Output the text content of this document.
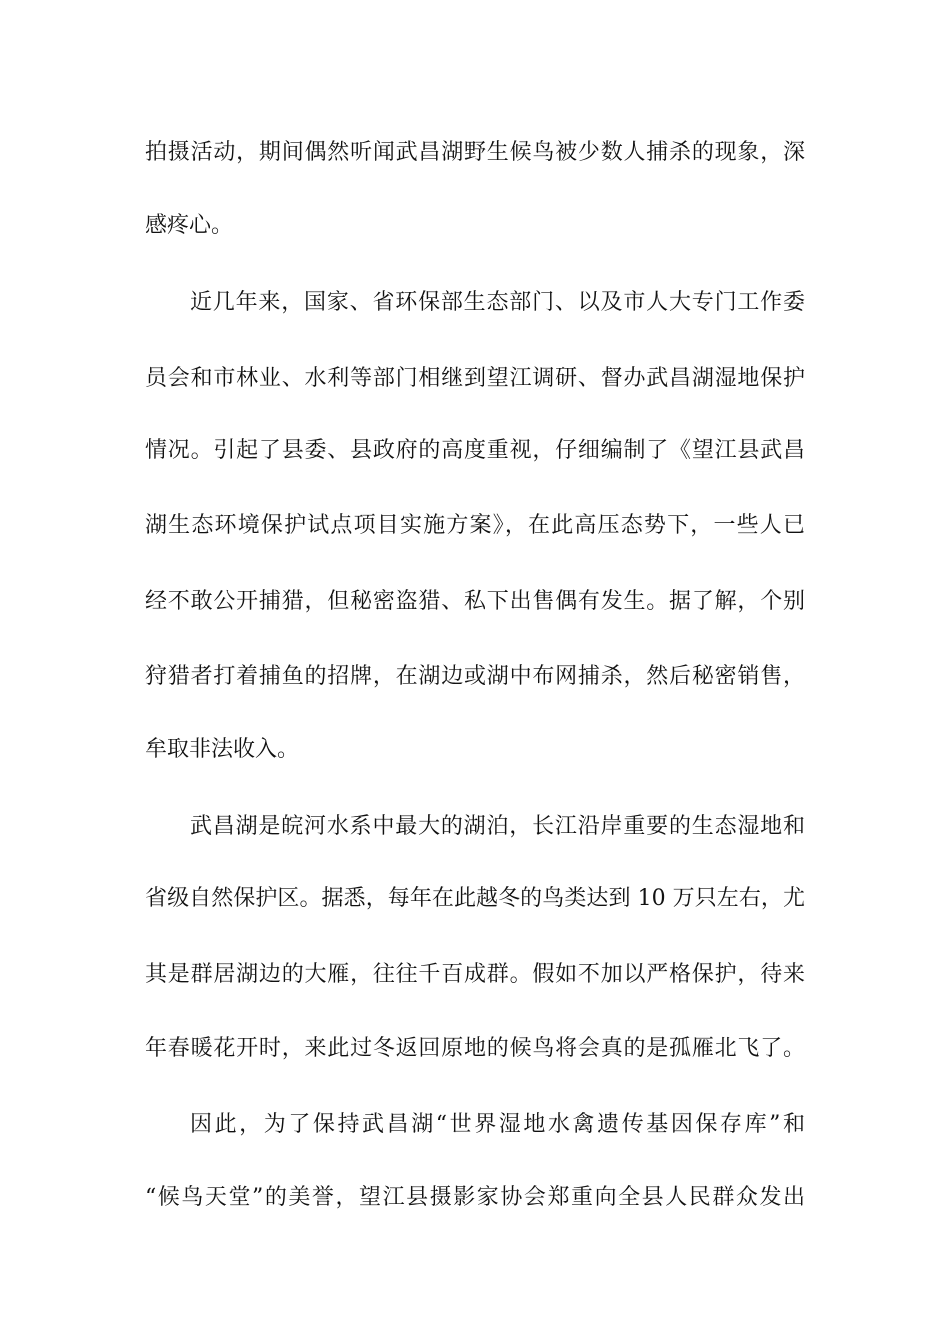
拍摄活动，期间偶然听闻武昌湖野生候鸟被少数人捕杀的现象，深
感疼心。
近几年来，国家、省环保部生态部门、以及市人大专门工作委
员会和市林业、水利等部门相继到望江调研、督办武昌湖湿地保护
情况。引起了县委、县政府的高度重视，仔细编制了《望江县武昌
湖生态环境保护试点项目实施方案》，在此高压态势下，一些人已
经不敢公开捕猎，但秘密盗猎、私下出售偶有发生。据了解，个别
狩猎者打着捕鱼的招牌，在湖边或湖中布网捕杀，然后秘密销售，
牟取非法收入。
武昌湖是皖河水系中最大的湖泊，长江沿岸重要的生态湿地和
省级自然保护区。据悉，每年在此越冬的鸟类达到 10 万只左右，尤
其是群居湖边的大雁，往往千百成群。假如不加以严格保护，待来
年春暖花开时，来此过冬返回原地的候鸟将会真的是孤雁北飞了。
因此，为了保持武昌湖“世界湿地水禽遗传基因保存库”和
“候鸟天堂”的美誉，望江县摄影家协会郑重向全县人民群众发出
